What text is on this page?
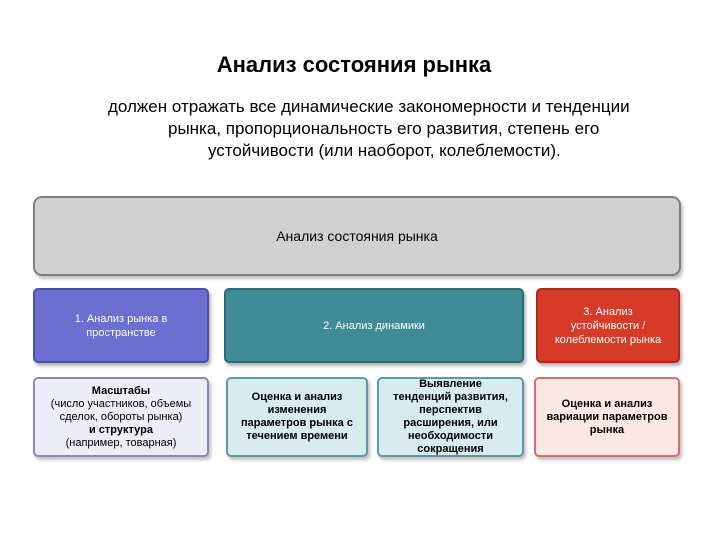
Анализ состояния рынка
должен отражать все динамические закономерности и тенденции
рынка, пропорциональность его развития, степень его
устойчивости (или наоборот, колеблемости).
Анализ состояния рынка
1. Анализ рынка в
пространстве
2. Анализ динамики
3. Анализ
устойчивости /
колеблемости рынка
Масштабы
(число участников, объемы
сделок, обороты рынка)
и структура
(например, товарная)
Оценка и анализ
изменения
параметров рынка с
течением времени
Выявление
тенденций развития,
перспектив
расширения, или
необходимости
сокращения
Оценка и анализ
вариации параметров
рынка
